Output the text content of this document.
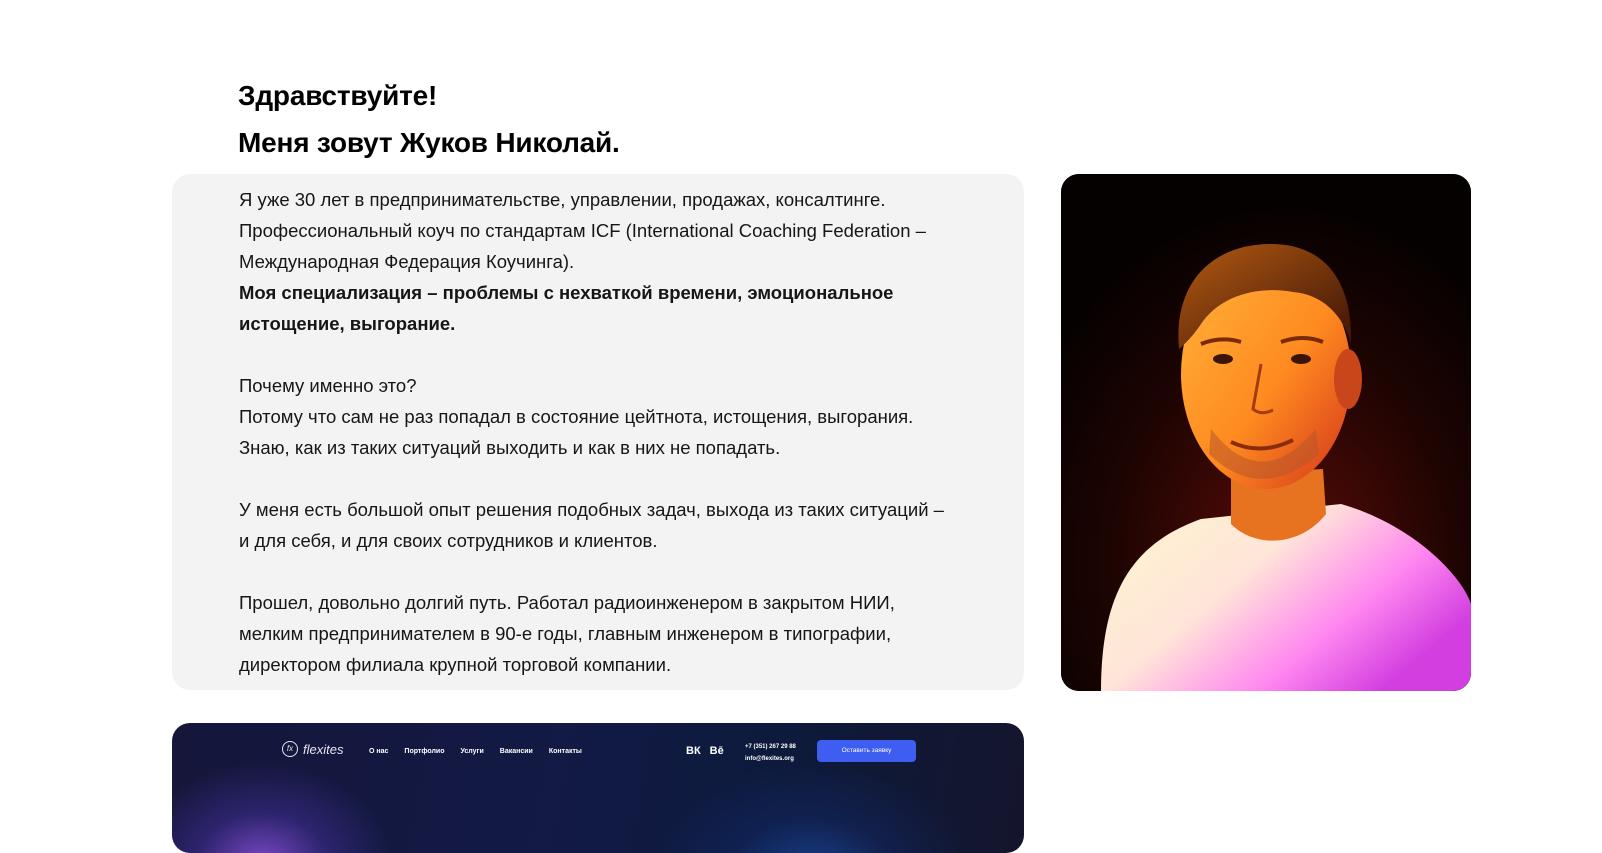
Здравствуйте!
Меня зовут Жуков Николай.

Я уже 30 лет в предпринимательстве, управлении, продажах, консалтинге.
Профессиональный коуч по стандартам ICF (International Coaching Federation –
Международная Федерация Коучинга).

Моя специализация – проблемы с нехваткой времени, эмоциональное
истощение, выгорание.

Почему именно это?
Потому что сам не раз попадал в состояние цейтнота, истощения, выгорания.
Знаю, как из таких ситуаций выходить и как в них не попадать.

У меня есть большой опыт решения подобных задач, выхода из таких ситуаций –
и для себя, и для своих сотрудников и клиентов.

Прошел, довольно долгий путь. Работал радиоинженером в закрытом НИИ,
мелким предпринимателем в 90-е годы, главным инженером в типографии,
директором филиала крупной торговой компании.

fx flexites	О нас Портфолио Услуги Вакансии Контакты	ВК Bē	+7 (351) 267 29 88
info@flexites.org
Оставить заявку
